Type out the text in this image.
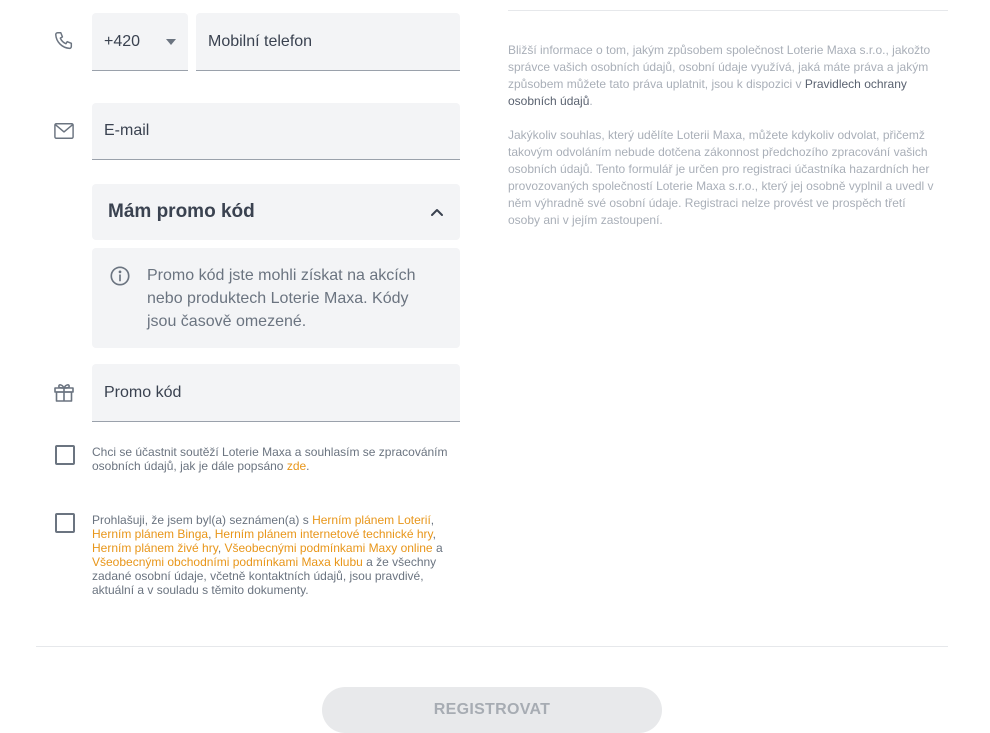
+420
Mobilní telefon
E-mail
Mám promo kód
Promo kód jste mohli získat na akcích nebo produktech Loterie Maxa. Kódy jsou časově omezené.
Promo kód
Chci se účastnit soutěží Loterie Maxa a souhlasím se zpracováním osobních údajů, jak je dále popsáno zde.
Prohlašuji, že jsem byl(a) seznámen(a) s Herním plánem Loterií, Herním plánem Binga, Herním plánem internetové technické hry, Herním plánem živé hry, Všeobecnými podmínkami Maxy online a Všeobecnými obchodními podmínkami Maxa klubu a že všechny zadané osobní údaje, včetně kontaktních údajů, jsou pravdivé, aktuální a v souladu s těmito dokumenty.
Bližší informace o tom, jakým způsobem společnost Loterie Maxa s.r.o., jakožto správce vašich osobních údajů, osobní údaje využívá, jaká máte práva a jakým způsobem můžete tato práva uplatnit, jsou k dispozici v Pravidlech ochrany osobních údajů.
Jakýkoliv souhlas, který udělíte Loterii Maxa, můžete kdykoliv odvolat, přičemž takovým odvoláním nebude dotčena zákonnost předchozího zpracování vašich osobních údajů. Tento formulář je určen pro registraci účastníka hazardních her provozovaných společností Loterie Maxa s.r.o., který jej osobně vyplnil a uvedl v něm výhradně své osobní údaje. Registraci nelze provést ve prospěch třetí osoby ani v jejím zastoupení.
REGISTROVAT
